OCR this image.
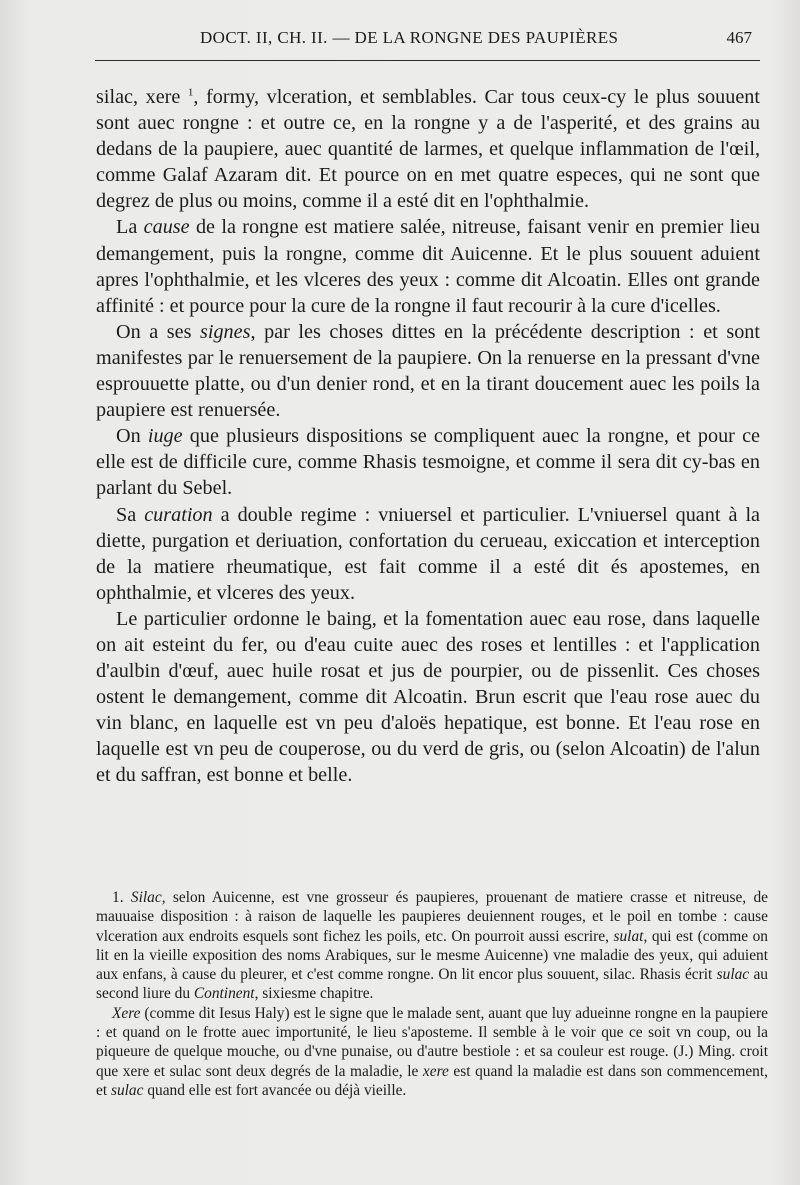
DOCT. II, CH. II. — DE LA RONGNE DES PAUPIÈRES	467

silac, xere $^1$, formy, vlceration, et semblables. Car tous ceux-cy le plus souuent sont auec rongne : et outre ce, en la rongne y a de l'asperité, et des grains au dedans de la paupiere, auec quantité de larmes, et quelque inflammation de l'œil, comme Galaf Azaram dit. Et pource on en met quatre especes, qui ne sont que degrez de plus ou moins, comme il a esté dit en l'ophthalmie.

La cause de la rongne est matiere salée, nitreuse, faisant venir en premier lieu demangement, puis la rongne, comme dit Auicenne. Et le plus souuent aduient apres l'ophthalmie, et les vlceres des yeux : comme dit Alcoatin. Elles ont grande affinité : et pource pour la cure de la rongne il faut recourir à la cure d'icelles.

On a ses signes, par les choses dittes en la précédente description : et sont manifestes par le renuersement de la paupiere. On la renuerse en la pressant d'vne esprouuette platte, ou d'un denier rond, et en la tirant doucement auec les poils la paupiere est renuersée.

On iuge que plusieurs dispositions se compliquent auec la rongne, et pour ce elle est de difficile cure, comme Rhasis tesmoigne, et comme il sera dit cy-bas en parlant du Sebel.

Sa curation a double regime : vniuersel et particulier. L'vniuersel quant à la diette, purgation et deriuation, confortation du cerueau, exiccation et interception de la matiere rheumatique, est fait comme il a esté dit és apostemes, en ophthalmie, et vlceres des yeux.

Le particulier ordonne le baing, et la fomentation auec eau rose, dans laquelle on ait esteint du fer, ou d'eau cuite auec des roses et lentilles : et l'application d'aulbin d'œuf, auec huile rosat et jus de pourpier, ou de pissenlit. Ces choses ostent le demangement, comme dit Alcoatin. Brun escrit que l'eau rose auec du vin blanc, en laquelle est vn peu d'aloës hepatique, est bonne. Et l'eau rose en laquelle est vn peu de couperose, ou du verd de gris, ou (selon Alcoatin) de l'alun et du saffran, est bonne et belle.

1. Silac, selon Auicenne, est vne grosseur és paupieres, prouenant de matiere crasse et nitreuse, de mauuaise disposition : à raison de laquelle les paupieres deuiennent rouges, et le poil en tombe : cause vlceration aux endroits esquels sont fichez les poils, etc. On pourroit aussi escrire, sulat, qui est (comme on lit en la vieille exposition des noms Arabiques, sur le mesme Auicenne) vne maladie des yeux, qui aduient aux enfans, à cause du pleurer, et c'est comme rongne. On lit encor plus souuent, silac. Rhasis écrit sulac au second liure du Continent, sixiesme chapitre.

Xere (comme dit Iesus Haly) est le signe que le malade sent, auant que luy adueinne rongne en la paupiere : et quand on le frotte auec importunité, le lieu s'aposteme. Il semble à le voir que ce soit vn coup, ou la piqueure de quelque mouche, ou d'vne punaise, ou d'autre bestiole : et sa couleur est rouge. (J.) Ming. croit que xere et sulac sont deux degrés de la maladie, le xere est quand la maladie est dans son commencement, et sulac quand elle est fort avancée ou déjà vieille.
